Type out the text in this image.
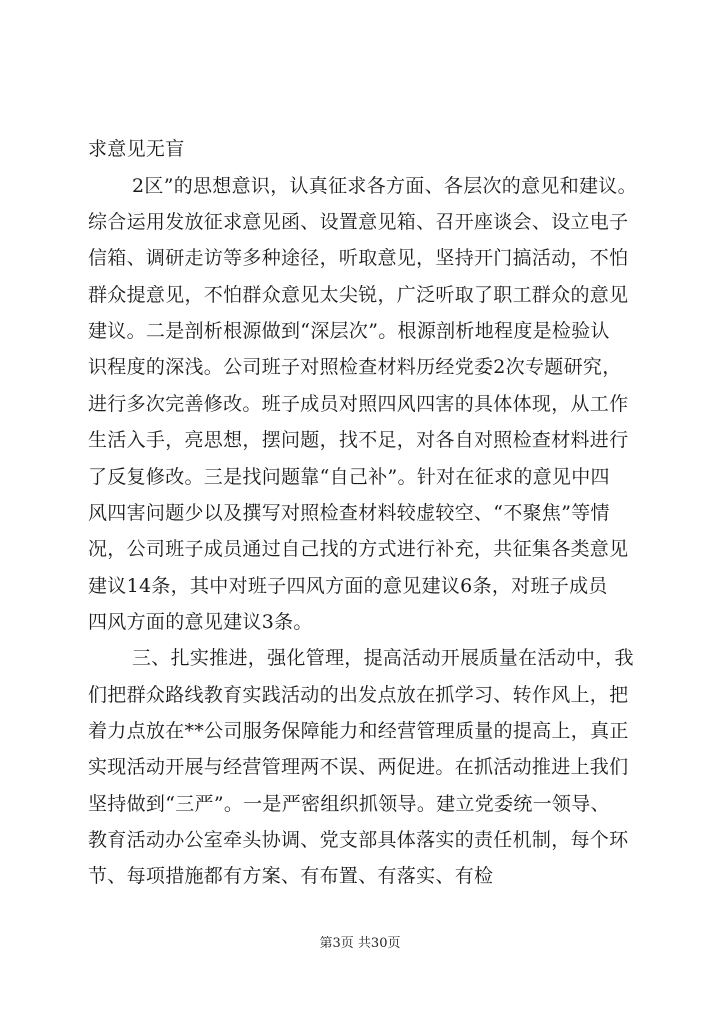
求意见无盲
2区”的思想意识，认真征求各方面、各层次的意见和建议。
综合运用发放征求意见函、设置意见箱、召开座谈会、设立电子
信箱、调研走访等多种途径，听取意见，坚持开门搞活动，不怕
群众提意见，不怕群众意见太尖锐，广泛听取了职工群众的意见
建议。二是剖析根源做到“深层次”。根源剖析地程度是检验认
识程度的深浅。公司班子对照检查材料历经党委2次专题研究，
进行多次完善修改。班子成员对照四风四害的具体体现，从工作
生活入手，亮思想，摆问题，找不足，对各自对照检查材料进行
了反复修改。三是找问题靠“自己补”。针对在征求的意见中四
风四害问题少以及撰写对照检查材料较虚较空、“不聚焦”等情
况，公司班子成员通过自己找的方式进行补充，共征集各类意见
建议14条，其中对班子四风方面的意见建议6条，对班子成员
四风方面的意见建议3条。
三、扎实推进，强化管理，提高活动开展质量在活动中，我
们把群众路线教育实践活动的出发点放在抓学习、转作风上，把
着力点放在**公司服务保障能力和经营管理质量的提高上，真正
实现活动开展与经营管理两不误、两促进。在抓活动推进上我们
坚持做到“三严”。一是严密组织抓领导。建立党委统一领导、
教育活动办公室牵头协调、党支部具体落实的责任机制，每个环
节、每项措施都有方案、有布置、有落实、有检
第3页 共30页
